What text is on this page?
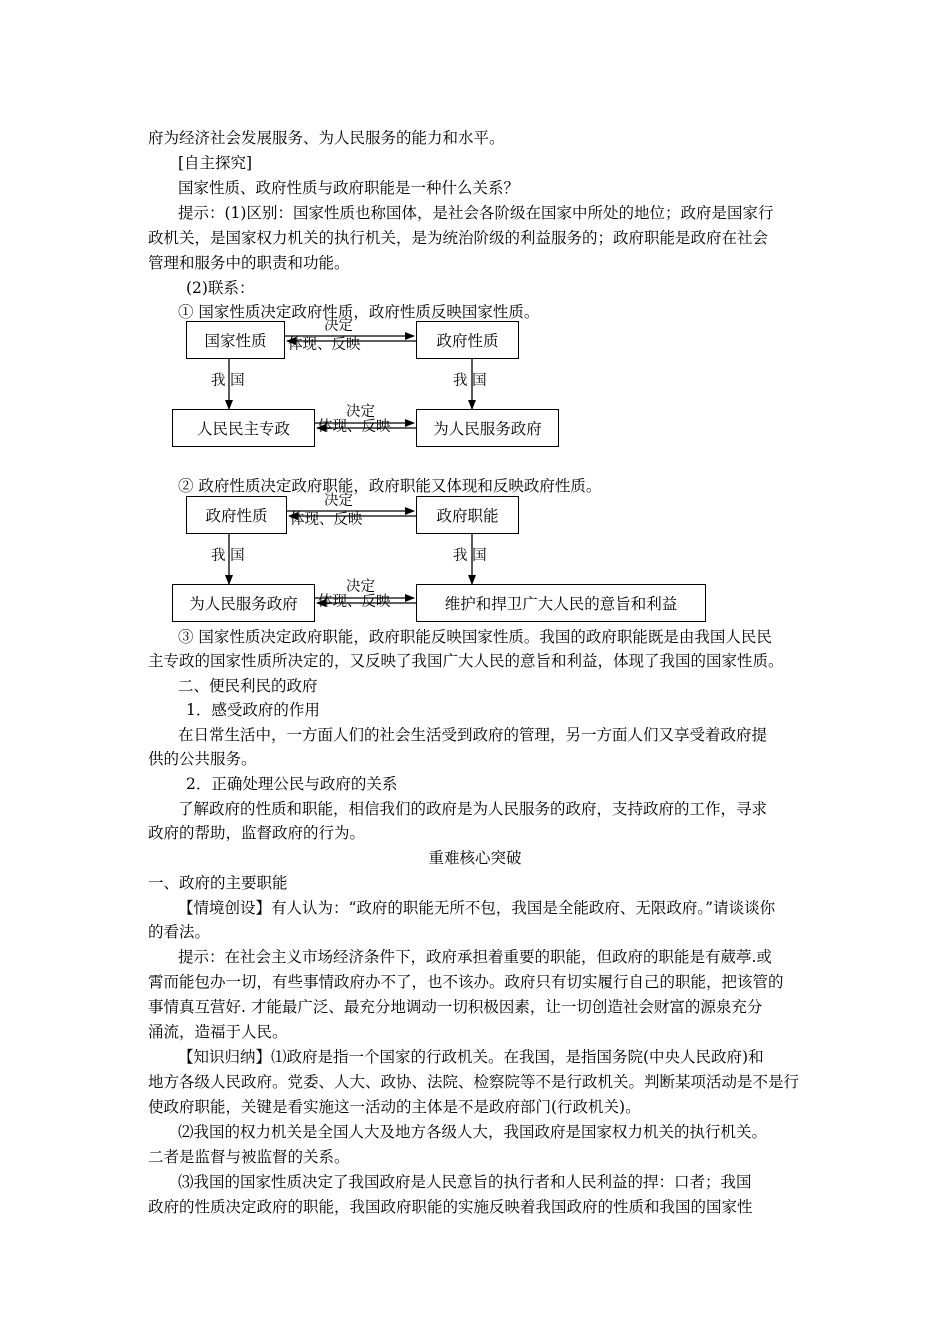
府为经济社会发展服务、为人民服务的能力和水平。
[自主探究]
国家性质、政府性质与政府职能是一种什么关系？
提示：(1)区别：国家性质也称国体，是社会各阶级在国家中所处的地位；政府是国家行
政机关，是国家权力机关的执行机关，是为统治阶级的利益服务的；政府职能是政府在社会
管理和服务中的职责和功能。
(2)联系：
① 国家性质决定政府性质，政府性质反映国家性质。
国家性质	政府性质
人民民主专政	为人民服务政府
决定
体现、反映
决定
体现、反映
我 国	我 国
② 政府性质决定政府职能，政府职能又体现和反映政府性质。
政府性质	政府职能
为人民服务政府	维护和捍卫广大人民的意旨和利益
决定
体现、反映
决定
体现、反映
我 国	我 国
③ 国家性质决定政府职能，政府职能反映国家性质。我国的政府职能既是由我国人民民
主专政的国家性质所决定的，又反映了我国广大人民的意旨和利益，体现了我国的国家性质。
二、便民利民的政府
1．感受政府的作用
在日常生活中，一方面人们的社会生活受到政府的管理，另一方面人们又享受着政府提
供的公共服务。
2．正确处理公民与政府的关系
了解政府的性质和职能，相信我们的政府是为人民服务的政府，支持政府的工作，寻求
政府的帮助，监督政府的行为。
重难核心突破
一、政府的主要职能
【情境创设】有人认为：“政府的职能无所不包，我国是全能政府、无限政府。”请谈谈你
的看法。
提示：在社会主义市场经济条件下，政府承担着重要的职能，但政府的职能是有葳葶.或
霄而能包办一切，有些事情政府办不了，也不该办。政府只有切实履行自己的职能，把该管的
事情真互营好. 才能最广泛、最充分地调动一切积极因素，让一切创造社会财富的源泉充分
涌流，造福于人民。
【知识归纳】⑴政府是指一个国家的行政机关。在我国，是指国务院(中央人民政府)和
地方各级人民政府。党委、人大、政协、法院、检察院等不是行政机关。判断某项活动是不是行
使政府职能，关键是看实施这一活动的主体是不是政府部门(行政机关)。
⑵我国的权力机关是全国人大及地方各级人大，我国政府是国家权力机关的执行机关。
二者是监督与被监督的关系。
⑶我国的国家性质决定了我国政府是人民意旨的执行者和人民利益的捍：口者；我国
政府的性质决定政府的职能，我国政府职能的实施反映着我国政府的性质和我国的国家性
